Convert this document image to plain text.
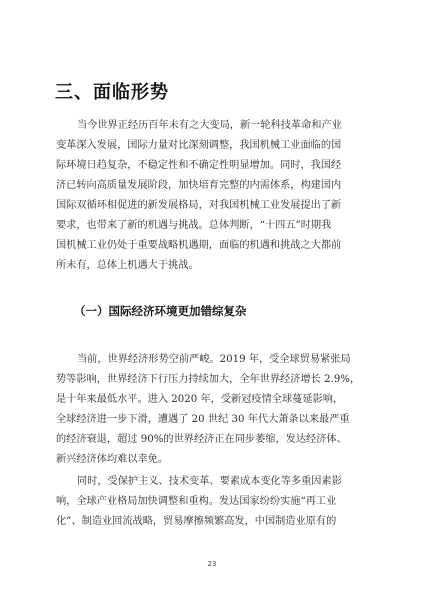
三、面临形势
当今世界正经历百年未有之大变局，新一轮科技革命和产业
变革深入发展，国际力量对比深刻调整，我国机械工业面临的国
际环境日趋复杂，不稳定性和不确定性明显增加。同时，我国经
济已转向高质量发展阶段，加快培育完整的内需体系，构建国内
国际双循环相促进的新发展格局，对我国机械工业发展提出了新
要求，也带来了新的机遇与挑战。总体判断，“十四五”时期我
国机械工业仍处于重要战略机遇期，面临的机遇和挑战之大都前
所未有，总体上机遇大于挑战。
（一）国际经济环境更加错综复杂
当前，世界经济形势空前严峻。2019 年，受全球贸易紧张局
势等影响，世界经济下行压力持续加大，全年世界经济增长 2.9%，
是十年来最低水平。进入 2020 年，受新冠疫情全球蔓延影响，
全球经济进一步下滑，遭遇了 20 世纪 30 年代大萧条以来最严重
的经济衰退，超过 90%的世界经济正在同步萎缩，发达经济体、
新兴经济体均难以幸免。
同时，受保护主义、技术变革、要素成本变化等多重因素影
响，全球产业格局加快调整和重构。发达国家纷纷实施“再工业
化”、制造业回流战略，贸易摩擦频繁高发，中国制造业原有的
23
